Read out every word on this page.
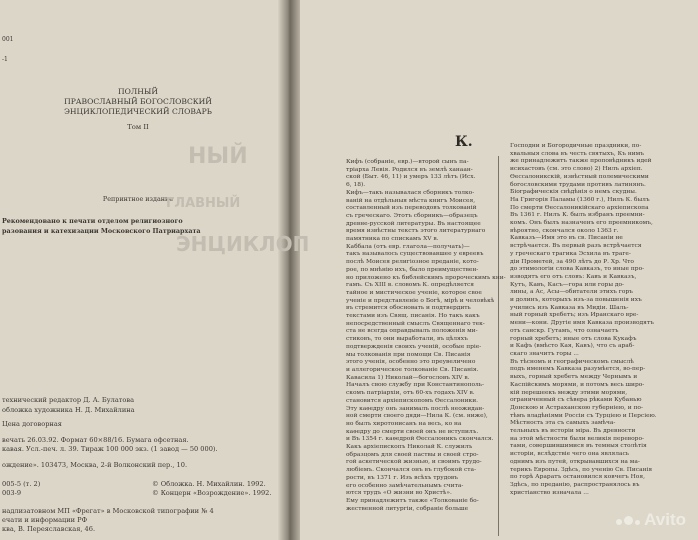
001
-1
ПОЛНЫЙ
ПРАВОСЛАВНЫЙ БОГОСЛОВСКИЙ
ЭНЦИКЛОПЕДИЧЕСКИЙ СЛОВАРЬ
Том II
Репринтное издание
НЫЙ
ГЛАВНЫЙ
ЭНЦИКЛОП
Рекомендовано к печати отделом религиозного
разования и катехизации Московского Патриархата
технический редактор Д. А. Булатова
обложка художника Н. Д. Михайлина
Цена договорная
вечать 26.03.92. Формат 60×88/16. Бумага офсетная.
кавая. Усл.-печ. л. 39. Тираж 100 000 экз. (1 завод — 50 000).
ождение». 103473, Москва, 2-й Волконский пер., 10.
005-5 (т. 2)
003-9
© Обложка. Н. Михайлин. 1992.
© Концерн «Возрождение». 1992.
надлизатовном МП «Фрегат» в Московской типографии № 4
ечати и информации РФ
ква, В. Переяславская, 46.
К.
Кифъ (собраніе, евр.)—второй сынъ пa-
тріарха Левія. Родился въ землѣ ханаан-
ской (Быт. 46, 11) и умеръ 133 лѣтъ (Исх.
6, 18).
Кифъ—такъ называлася сборникъ толко-
ваній на отдѣльныя мѣста книгъ Моисея,
составленный изъ переводовъ толкованій
съ греческаго. Этотъ сборникъ—образецъ
древне-русской литературы. Въ настоящее
время извѣстны текстъ этого литературнаго
памятника по спискамъ XV в.
Каббала (отъ евр. глагола—получать)—
такъ называлось существовавшее у евреевъ
послѣ Моисея религіозное преданіе, кото-
рое, по мнѣнію ихъ, было преимуществен-
но приложено къ библейскимъ пророческимъ кни-
гамъ. Съ XIII в. словомъ К. опредѣляется
тайное и мистическое ученіе, которое свое
ученіе и представленіе о Богѣ, мірѣ и человѣкѣ
въ стремится обосновать и подтвердить
текстами изъ Свящ. писанія. Но такъ какъ
непосредственный смыслъ Священнаго тек-
ста не всегда оправдывалъ положенія ми-
стиковъ, то они выработали, въ цѣляхъ
подтвержденія своихъ ученій, особые пріе-
мы толкованія при помощи Св. Писанія
этого ученія, особенно это преувеличено
и аллегорическое толкованіе Св. Писанія.
Кавасила 1) Николай—богословъ XIV в.
Началъ свою службу при Константинополь-
скомъ патріархіи, отъ 60-хъ годахъ XIV в.
становится архіепископомъ Ѳессалоники.
Эту каѳедру онъ занималъ послѣ неожидан-
ной смерти своего дяди—Нила К. (см. ниже),
но былъ хиротонисанъ на весь, ко на
каѳедру до смерти своей онъ не вступилъ.
и Въ 1354 г. каѳедрой Ѳессалоникъ скончался.
Какъ архіепископъ Николай К. служилъ
образцомъ для своей паствы и своей стро-
гой аскетической жизнью, и своимъ трудо-
любіемъ. Скончался онъ въ глубокой ста-
рости, въ 1371 г. Изъ всѣхъ трудовъ
его особенно замѣчательнымъ счита-
ются трудъ «О жизни во Христѣ».
Ему принадлежитъ также «Толкованіе бо-
жественной литургіи, собраніе больше
Господни и Богородичные праздники, по-
хвальныя слова въ честь святыхъ, Къ нимъ
же принадлежитъ также проповѣдникъ идей
исихастовъ (см. это слово) 2) Нилъ архіеп.
Ѳессалоникскій, извѣстный полемическими
богословскими трудами противъ латинянъ.
Біографическія свѣдѣнія о немъ скудны.
На Григорія Паламы (1360 г.), Нилъ К. былъ
По смерти Ѳессалоникійскаго архіепископа
Въ 1361 г. Нилъ К. былъ избранъ преемни-
комъ. Онъ былъ назначенъ его преемникомъ,
вѣроятно, скончался около 1363 г.
Кавказъ—Имя это въ св. Писаніи не
встрѣчается. Въ первый разъ встрѣчается
у греческаго трагика Эсхила въ траге-
діи Прометей, за 490 лѣтъ до Р. Хр. Что
до этимологіи слова Кавказъ, то иные про-
изводятъ его отъ словъ: Кавъ и Кавказъ,
Кутъ, Кавъ, Касъ—гора или горы до-
лины, а Ас, Асы—обитатели этихъ горъ
и долинъ, которыхъ изъ-за повышенія ихъ
учились изъ Кавказа въ Мидіи. Шаль-
ный горный хребетъ; изъ Иранскаго вре-
мени—кони. Другіе имя Кавказа производятъ
отъ санскр. Гутамъ, что означаетъ
горный хребетъ; иные отъ слова Кукафъ
и Кафъ (вмѣсто Кая, Кавъ), что съ араб-
скаго значитъ горы ...
Въ тѣсномъ и географическомъ смыслѣ
подъ именемъ Кавказа разумѣется, во-пер-
выхъ, горный хребетъ между Чернымъ и
Каспійскимъ морями, и потомъ весь широ-
кій перешеекъ между этими морями,
ограниченный съ сѣвера рѣками Кубанью
Донскою и Астраханскою губерніею, и по-
тѣмъ владѣніями Россіи съ Турціею и Персіею.
Мѣстность эта съ самыхъ замѣча-
тельныхъ въ исторіи міра. Въ древности
на этой мѣстности были великія переворо-
тами, совершившимися въ темныя столѣтія
исторіи, вслѣдствіе чего она являлась
однимъ изъ путей, открывавшихся на ма-
терикъ Европы. Здѣсь, по ученію Св. Писанія
по горѣ Араратъ остановился ковчегъ Ноя,
Здѣсь, по преданію, распространялось въ
христіанство изначала ...
Avito
